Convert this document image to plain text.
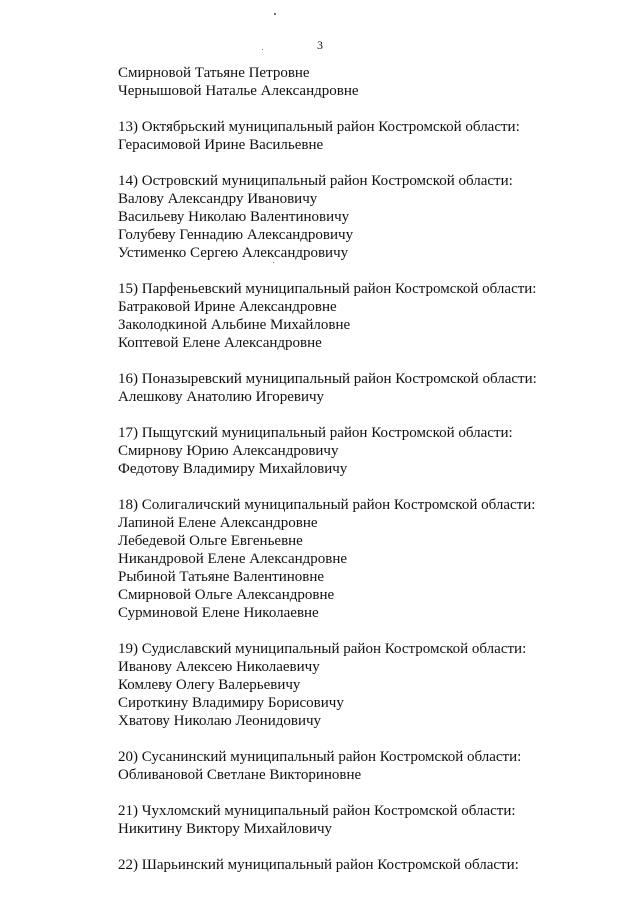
3
Смирновой Татьяне Петровне
Чернышовой Наталье Александровне
13) Октябрьский муниципальный район Костромской области:
Герасимовой Ирине Васильевне
14) Островский муниципальный район Костромской области:
Валову Александру Ивановичу
Васильеву Николаю Валентиновичу
Голубеву Геннадию Александровичу
Устименко Сергею Александровичу
15) Парфеньевский муниципальный район Костромской области:
Батраковой Ирине Александровне
Заколодкиной Альбине Михайловне
Коптевой Елене Александровне
16) Поназыревский муниципальный район Костромской области:
Алешкову Анатолию Игоревичу
17) Пыщугский муниципальный район Костромской области:
Смирнову Юрию Александровичу
Федотову Владимиру Михайловичу
18) Солигаличский муниципальный район Костромской области:
Лапиной Елене Александровне
Лебедевой Ольге Евгеньевне
Никандровой Елене Александровне
Рыбиной Татьяне Валентиновне
Смирновой Ольге Александровне
Сурминовой Елене Николаевне
19) Судиславский муниципальный район Костромской области:
Иванову Алексею Николаевичу
Комлеву Олегу Валерьевичу
Сироткину Владимиру Борисовичу
Хватову Николаю Леонидовичу
20) Сусанинский муниципальный район Костромской области:
Обливановой Светлане Викториновне
21) Чухломский муниципальный район Костромской области:
Никитину Виктору Михайловичу
22) Шарьинский муниципальный район Костромской области:
